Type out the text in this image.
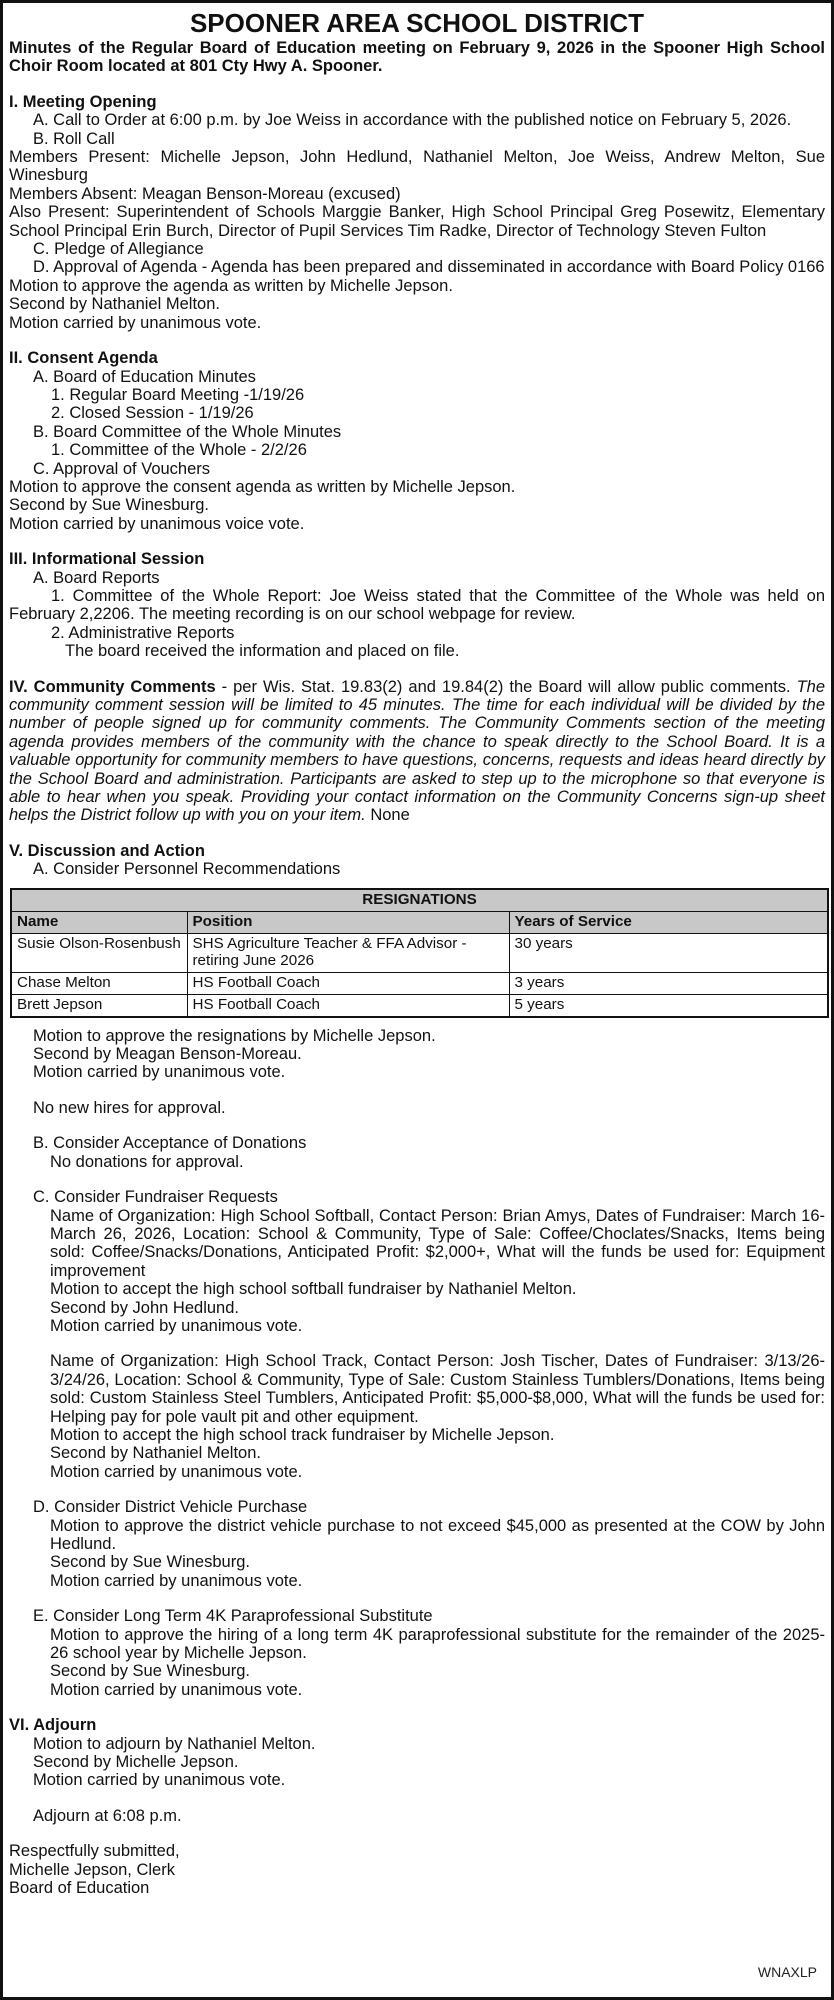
SPOONER AREA SCHOOL DISTRICT

Minutes of the Regular Board of Education meeting on February 9, 2026 in the Spooner High School Choir Room located at 801 Cty Hwy A. Spooner.

I. Meeting Opening

A. Call to Order at 6:00 p.m. by Joe Weiss in accordance with the published notice on February 5, 2026.

B. Roll Call

Members Present: Michelle Jepson, John Hedlund, Nathaniel Melton, Joe Weiss, Andrew Melton, Sue Winesburg

Members Absent: Meagan Benson-Moreau (excused)

Also Present: Superintendent of Schools Marggie Banker, High School Principal Greg Posewitz, Elementary School Principal Erin Burch, Director of Pupil Services Tim Radke, Director of Technology Steven Fulton

C. Pledge of Allegiance

D. Approval of Agenda - Agenda has been prepared and disseminated in accordance with Board Policy 0166

Motion to approve the agenda as written by Michelle Jepson.

Second by Nathaniel Melton.

Motion carried by unanimous vote.

II. Consent Agenda

A. Board of Education Minutes

1. Regular Board Meeting -1/19/26

2. Closed Session - 1/19/26

B. Board Committee of the Whole Minutes

1. Committee of the Whole - 2/2/26

C. Approval of Vouchers

Motion to approve the consent agenda as written by Michelle Jepson.

Second by Sue Winesburg.

Motion carried by unanimous voice vote.

III. Informational Session

A. Board Reports

1. Committee of the Whole Report: Joe Weiss stated that the Committee of the Whole was held on February 2,2206. The meeting recording is on our school webpage for review.

2. Administrative Reports

The board received the information and placed on file.

IV. Community Comments - per Wis. Stat. 19.83(2) and 19.84(2) the Board will allow public comments. The community comment session will be limited to 45 minutes. The time for each individual will be divided by the number of people signed up for community comments. The Community Comments section of the meeting agenda provides members of the community with the chance to speak directly to the School Board. It is a valuable opportunity for community members to have questions, concerns, requests and ideas heard directly by the School Board and administration. Participants are asked to step up to the microphone so that everyone is able to hear when you speak. Providing your contact information on the Community Concerns sign-up sheet helps the District follow up with you on your item. None

V. Discussion and Action

A. Consider Personnel Recommendations

RESIGNATIONS		
Name	Position	Years of Service
Susie Olson-Rosenbush	SHS Agriculture Teacher & FFA Advisor - retiring June 2026	30 years
Chase Melton	HS Football Coach	3 years
Brett Jepson	HS Football Coach	5 years

Motion to approve the resignations by Michelle Jepson.

Second by Meagan Benson-Moreau.

Motion carried by unanimous vote.

No new hires for approval.

B. Consider Acceptance of Donations

No donations for approval.

C. Consider Fundraiser Requests

Name of Organization: High School Softball, Contact Person: Brian Amys, Dates of Fundraiser: March 16-March 26, 2026, Location: School & Community, Type of Sale: Coffee/Choclates/Snacks, Items being sold: Coffee/Snacks/Donations, Anticipated Profit: $2,000+, What will the funds be used for: Equipment improvement

Motion to accept the high school softball fundraiser by Nathaniel Melton.

Second by John Hedlund.

Motion carried by unanimous vote.

Name of Organization: High School Track, Contact Person: Josh Tischer, Dates of Fundraiser: 3/13/26-3/24/26, Location: School & Community, Type of Sale: Custom Stainless Tumblers/Donations, Items being sold: Custom Stainless Steel Tumblers, Anticipated Profit: $5,000-$8,000, What will the funds be used for: Helping pay for pole vault pit and other equipment.

Motion to accept the high school track fundraiser by Michelle Jepson.

Second by Nathaniel Melton.

Motion carried by unanimous vote.

D. Consider District Vehicle Purchase

Motion to approve the district vehicle purchase to not exceed $45,000 as presented at the COW by John Hedlund.

Second by Sue Winesburg.

Motion carried by unanimous vote.

E. Consider Long Term 4K Paraprofessional Substitute

Motion to approve the hiring of a long term 4K paraprofessional substitute for the remainder of the 2025-26 school year by Michelle Jepson.

Second by Sue Winesburg.

Motion carried by unanimous vote.

VI. Adjourn

Motion to adjourn by Nathaniel Melton.

Second by Michelle Jepson.

Motion carried by unanimous vote.

Adjourn at 6:08 p.m.

Respectfully submitted,

Michelle Jepson, Clerk

Board of Education

WNAXLP
